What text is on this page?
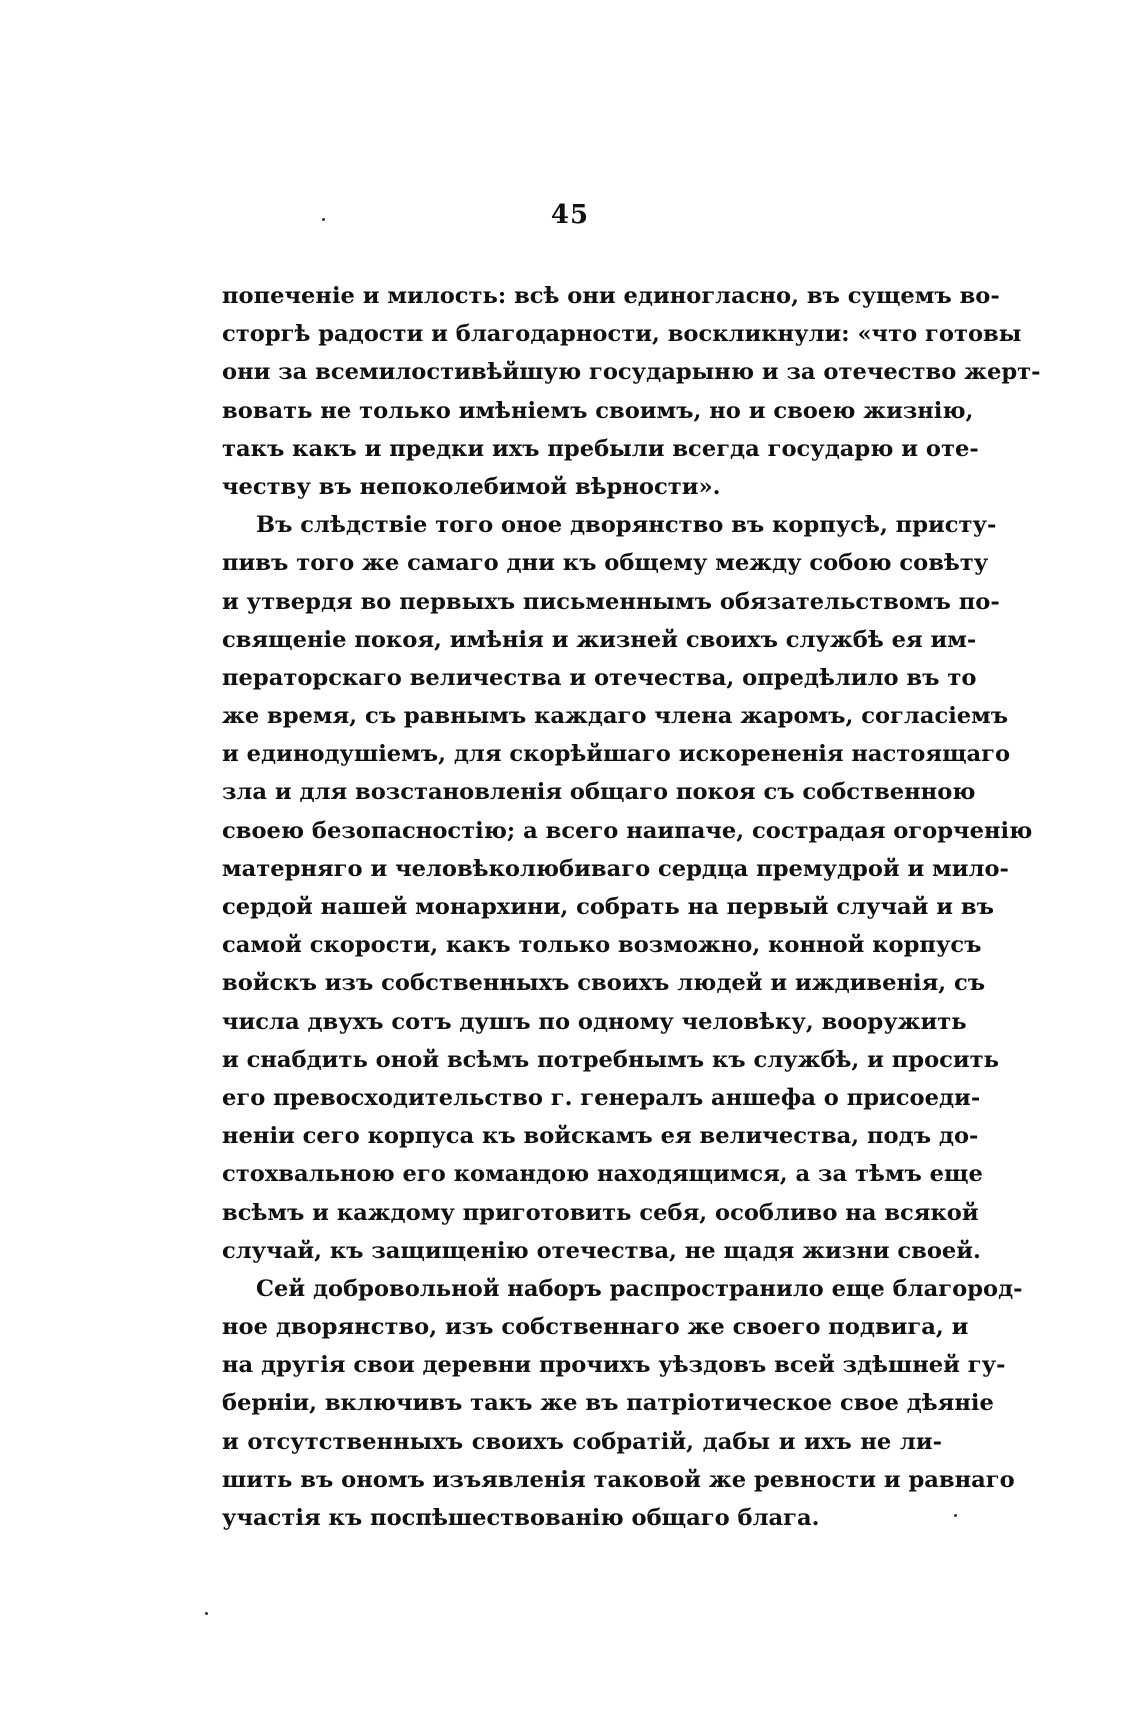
45
попеченіе и милость: всѣ они единогласно, въ сущемъ во-
сторгѣ радости и благодарности, воскликнули: «что готовы
они за всемилостивѣйшую государыню и за отечество жерт-
вовать не только имѣніемъ своимъ, но и своею жизнію,
такъ какъ и предки ихъ пребыли всегда государю и оте-
честву въ непоколебимой вѣрности».
Въ слѣдствіе того оное дворянство въ корпусѣ, присту-
пивъ того же самаго дни къ общему между собою совѣту
и утвердя во первыхъ письменнымъ обязательствомъ по-
священіе покоя, имѣнія и жизней своихъ службѣ ея им-
ператорскаго величества и отечества, опредѣлило въ то
же время, съ равнымъ каждаго члена жаромъ, согласіемъ
и единодушіемъ, для скорѣйшаго искорененія настоящаго
зла и для возстановленія общаго покоя съ собственною
своею безопасностію; а всего наипаче, сострадая огорченію
матерняго и человѣколюбиваго сердца премудрой и мило-
сердой нашей монархини, собрать на первый случай и въ
самой скорости, какъ только возможно, конной корпусъ
войскъ изъ собственныхъ своихъ людей и иждивенія, съ
числа двухъ сотъ душъ по одному человѣку, вооружить
и снабдить оной всѣмъ потребнымъ къ службѣ, и просить
его превосходительство г. генералъ аншефа о присоеди-
неніи сего корпуса къ войскамъ ея величества, подъ до-
стохвальною его командою находящимся, а за тѣмъ еще
всѣмъ и каждому приготовить себя, особливо на всякой
случай, къ защищенію отечества, не щадя жизни своей.
Сей добровольной наборъ распространило еще благород-
ное дворянство, изъ собственнаго же своего подвига, и
на другія свои деревни прочихъ уѣздовъ всей здѣшней гу-
берніи, включивъ такъ же въ патріотическое свое дѣяніе
и отсутственныхъ своихъ собратій, дабы и ихъ не ли-
шить въ ономъ изъявленія таковой же ревности и равнаго
участія къ поспѣшествованію общаго блага.
